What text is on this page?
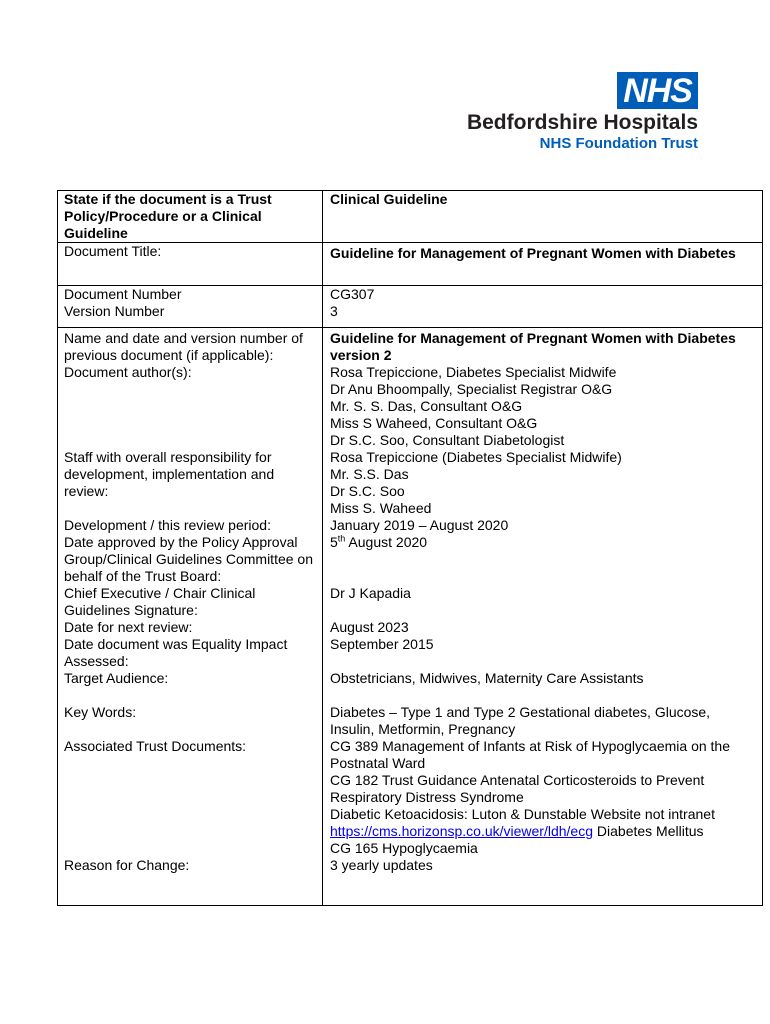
NHS
Bedfordshire Hospitals
NHS Foundation Trust
State if the document is a Trust Policy/Procedure or a Clinical Guideline	Clinical Guideline
Document Title:	Guideline for Management of Pregnant Women with Diabetes
Document Number	CG307
Version Number	3
Name and date and version number of previous document (if applicable):	Guideline for Management of Pregnant Women with Diabetes version 2
Document author(s):	Rosa Trepiccione, Diabetes Specialist Midwife
Dr Anu Bhoompally, Specialist Registrar O&G
Mr. S. S. Das, Consultant O&G
Miss S Waheed, Consultant O&G
Dr S.C. Soo, Consultant Diabetologist

Staff with overall responsibility for development, implementation and review:	Rosa Trepiccione (Diabetes Specialist Midwife)
Mr. S.S. Das
Dr S.C. Soo
Miss S. Waheed

Development / this review period:	January 2019 – August 2020
Date approved by the Policy Approval Group/Clinical Guidelines Committee on behalf of the Trust Board:	5th August 2020
Chief Executive / Chair Clinical Guidelines Signature:	Dr J Kapadia
Date for next review:	August 2023
Date document was Equality Impact Assessed:	September 2015
Target Audience:	Obstetricians, Midwives, Maternity Care Assistants
Key Words:	Diabetes – Type 1 and Type 2 Gestational diabetes, Glucose, Insulin, Metformin, Pregnancy
Associated Trust Documents:	CG 389 Management of Infants at Risk of Hypoglycaemia on the Postnatal Ward
CG 182 Trust Guidance Antenatal Corticosteroids to Prevent Respiratory Distress Syndrome
Diabetic Ketoacidosis: Luton & Dunstable Website not intranet
https://cms.horizonsp.co.uk/viewer/ldh/ecg Diabetes Mellitus
CG 165 Hypoglycaemia

Reason for Change:	3 yearly updates
